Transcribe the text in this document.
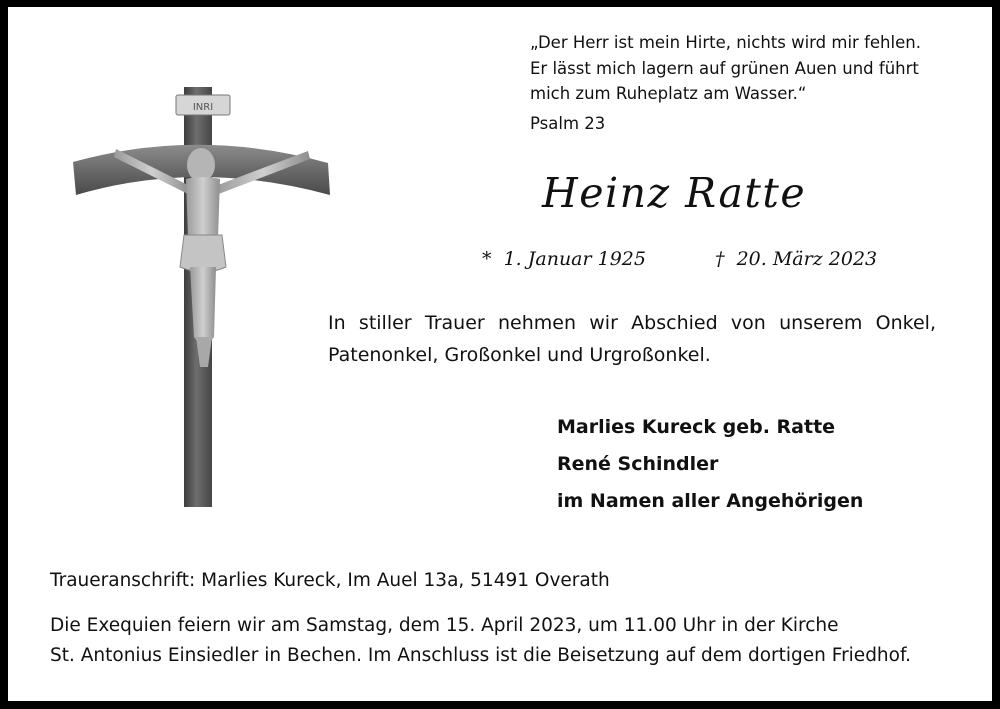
INRI
„Der Herr ist mein Hirte, nichts wird mir fehlen.
Er lässt mich lagern auf grünen Auen und führt
mich zum Ruheplatz am Wasser.“
Psalm 23
Heinz Ratte
* 1. Januar 1925	† 20. März 2023
In stiller Trauer nehmen wir Abschied von unserem Onkel, Patenonkel, Großonkel und Urgroßonkel.
Marlies Kureck geb. Ratte
René Schindler
im Namen aller Angehörigen
Traueranschrift: Marlies Kureck, Im Auel 13a, 51491 Overath
Die Exequien feiern wir am Samstag, dem 15. April 2023, um 11.00 Uhr in der Kirche
St. Antonius Einsiedler in Bechen. Im Anschluss ist die Beisetzung auf dem dortigen Friedhof.
